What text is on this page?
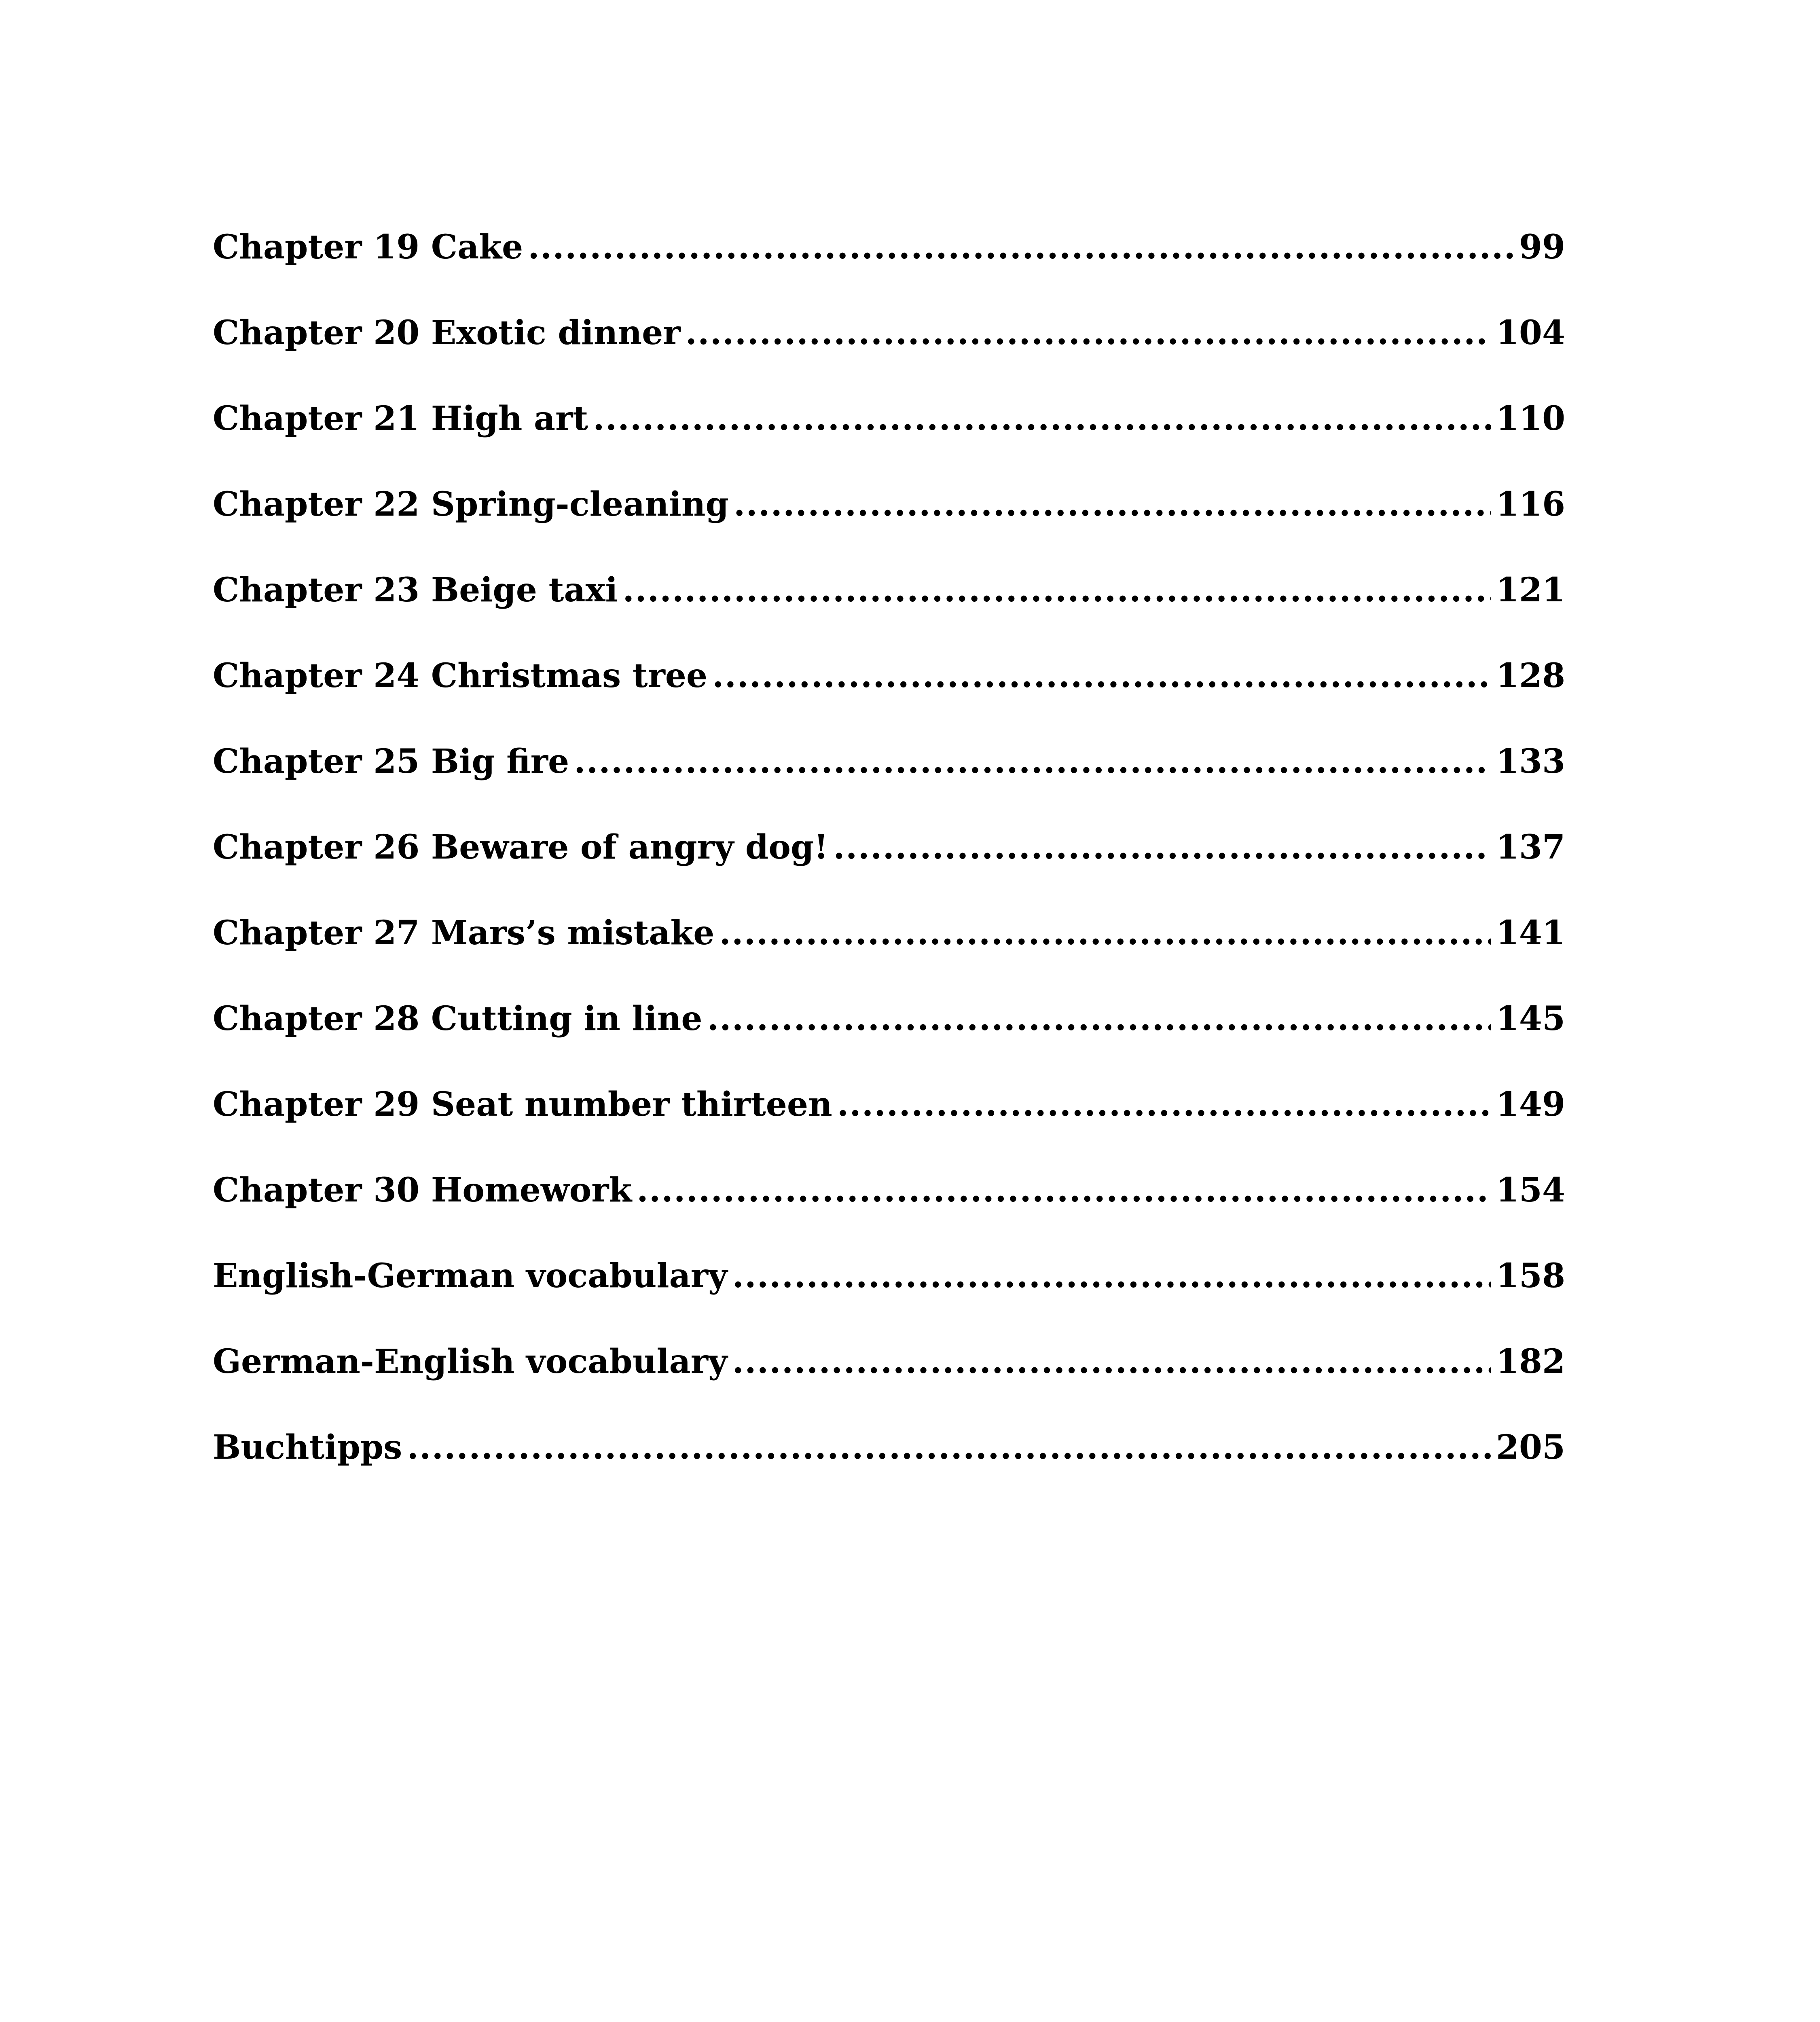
Chapter 19 Cake .....	99
Chapter 20 Exotic dinner .....	104
Chapter 21 High art .....	110
Chapter 22 Spring-cleaning .....	116
Chapter 23 Beige taxi .....	121
Chapter 24 Christmas tree .....	128
Chapter 25 Big fire .....	133
Chapter 26 Beware of angry dog! .....	137
Chapter 27 Mars’s mistake .....	141
Chapter 28 Cutting in line .....	145
Chapter 29 Seat number thirteen .....	149
Chapter 30 Homework .....	154
English-German vocabulary .....	158
German-English vocabulary .....	182
Buchtipps .....	205
